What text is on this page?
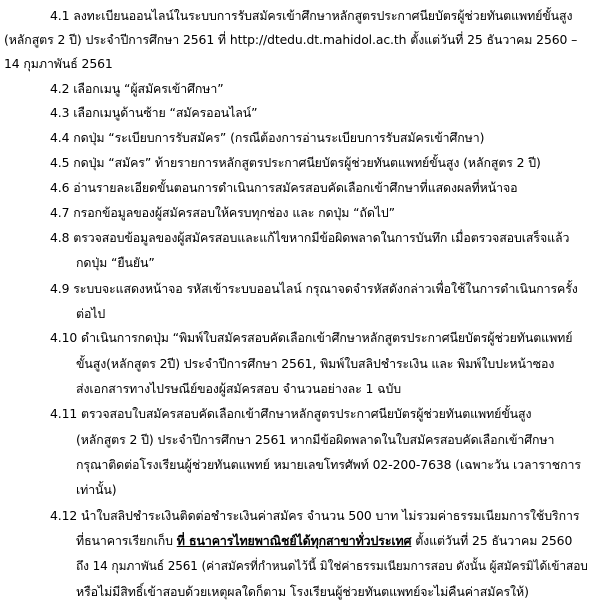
4.1 ลงทะเบียนออนไลน์ในระบบการรับสมัครเข้าศึกษาหลักสูตรประกาศนียบัตรผู้ช่วยทันตแพทย์ขั้นสูง
(หลักสูตร 2 ปี) ประจำปีการศึกษา 2561 ที่ http://dtedu.dt.mahidol.ac.th ตั้งแต่วันที่ 25 ธันวาคม 2560 –
14 กุมภาพันธ์ 2561
4.2 เลือกเมนู “ผู้สมัครเข้าศึกษา”
4.3 เลือกเมนูด้านซ้าย “สมัครออนไลน์”
4.4 กดปุ่ม “ระเบียบการรับสมัคร” (กรณีต้องการอ่านระเบียบการรับสมัครเข้าศึกษา)
4.5 กดปุ่ม “สมัคร” ท้ายรายการหลักสูตรประกาศนียบัตรผู้ช่วยทันตแพทย์ขั้นสูง (หลักสูตร 2 ปี)
4.6 อ่านรายละเอียดขั้นตอนการดำเนินการสมัครสอบคัดเลือกเข้าศึกษาที่แสดงผลที่หน้าจอ
4.7 กรอกข้อมูลของผู้สมัครสอบให้ครบทุกช่อง และ กดปุ่ม “ถัดไป”
4.8 ตรวจสอบข้อมูลของผู้สมัครสอบและแก้ไขหากมีข้อผิดพลาดในการบันทึก เมื่อตรวจสอบเสร็จแล้ว
กดปุ่ม “ยืนยัน”
4.9 ระบบจะแสดงหน้าจอ รหัสเข้าระบบออนไลน์ กรุณาจดจำรหัสดังกล่าวเพื่อใช้ในการดำเนินการครั้ง
ต่อไป
4.10 ดำเนินการกดปุ่ม “พิมพ์ใบสมัครสอบคัดเลือกเข้าศึกษาหลักสูตรประกาศนียบัตรผู้ช่วยทันตแพทย์
ขั้นสูง(หลักสูตร 2ปี) ประจำปีการศึกษา 2561, พิมพ์ใบสลิปชำระเงิน และ พิมพ์ใบปะหน้าซอง
ส่งเอกสารทางไปรษณีย์ของผู้สมัครสอบ จำนวนอย่างละ 1 ฉบับ
4.11 ตรวจสอบใบสมัครสอบคัดเลือกเข้าศึกษาหลักสูตรประกาศนียบัตรผู้ช่วยทันตแพทย์ขั้นสูง
(หลักสูตร 2 ปี) ประจำปีการศึกษา 2561 หากมีข้อผิดพลาดในใบสมัครสอบคัดเลือกเข้าศึกษา
กรุณาติดต่อโรงเรียนผู้ช่วยทันตแพทย์ หมายเลขโทรศัพท์ 02-200-7638 (เฉพาะวัน เวลาราชการ
เท่านั้น)
4.12 นำใบสลิปชำระเงินติดต่อชำระเงินค่าสมัคร จำนวน 500 บาท ไม่รวมค่าธรรมเนียมการใช้บริการ
ที่ธนาคารเรียกเก็บ ที่ ธนาคารไทยพาณิชย์ได้ทุกสาขาทั่วประเทศ ตั้งแต่วันที่ 25 ธันวาคม 2560
ถึง 14 กุมภาพันธ์ 2561 (ค่าสมัครที่กำหนดไว้นี้ มิใช่ค่าธรรมเนียมการสอบ ดังนั้น ผู้สมัครมิได้เข้าสอบ
หรือไม่มีสิทธิ์เข้าสอบด้วยเหตุผลใดก็ตาม โรงเรียนผู้ช่วยทันตแพทย์จะไม่คืนค่าสมัครให้)
